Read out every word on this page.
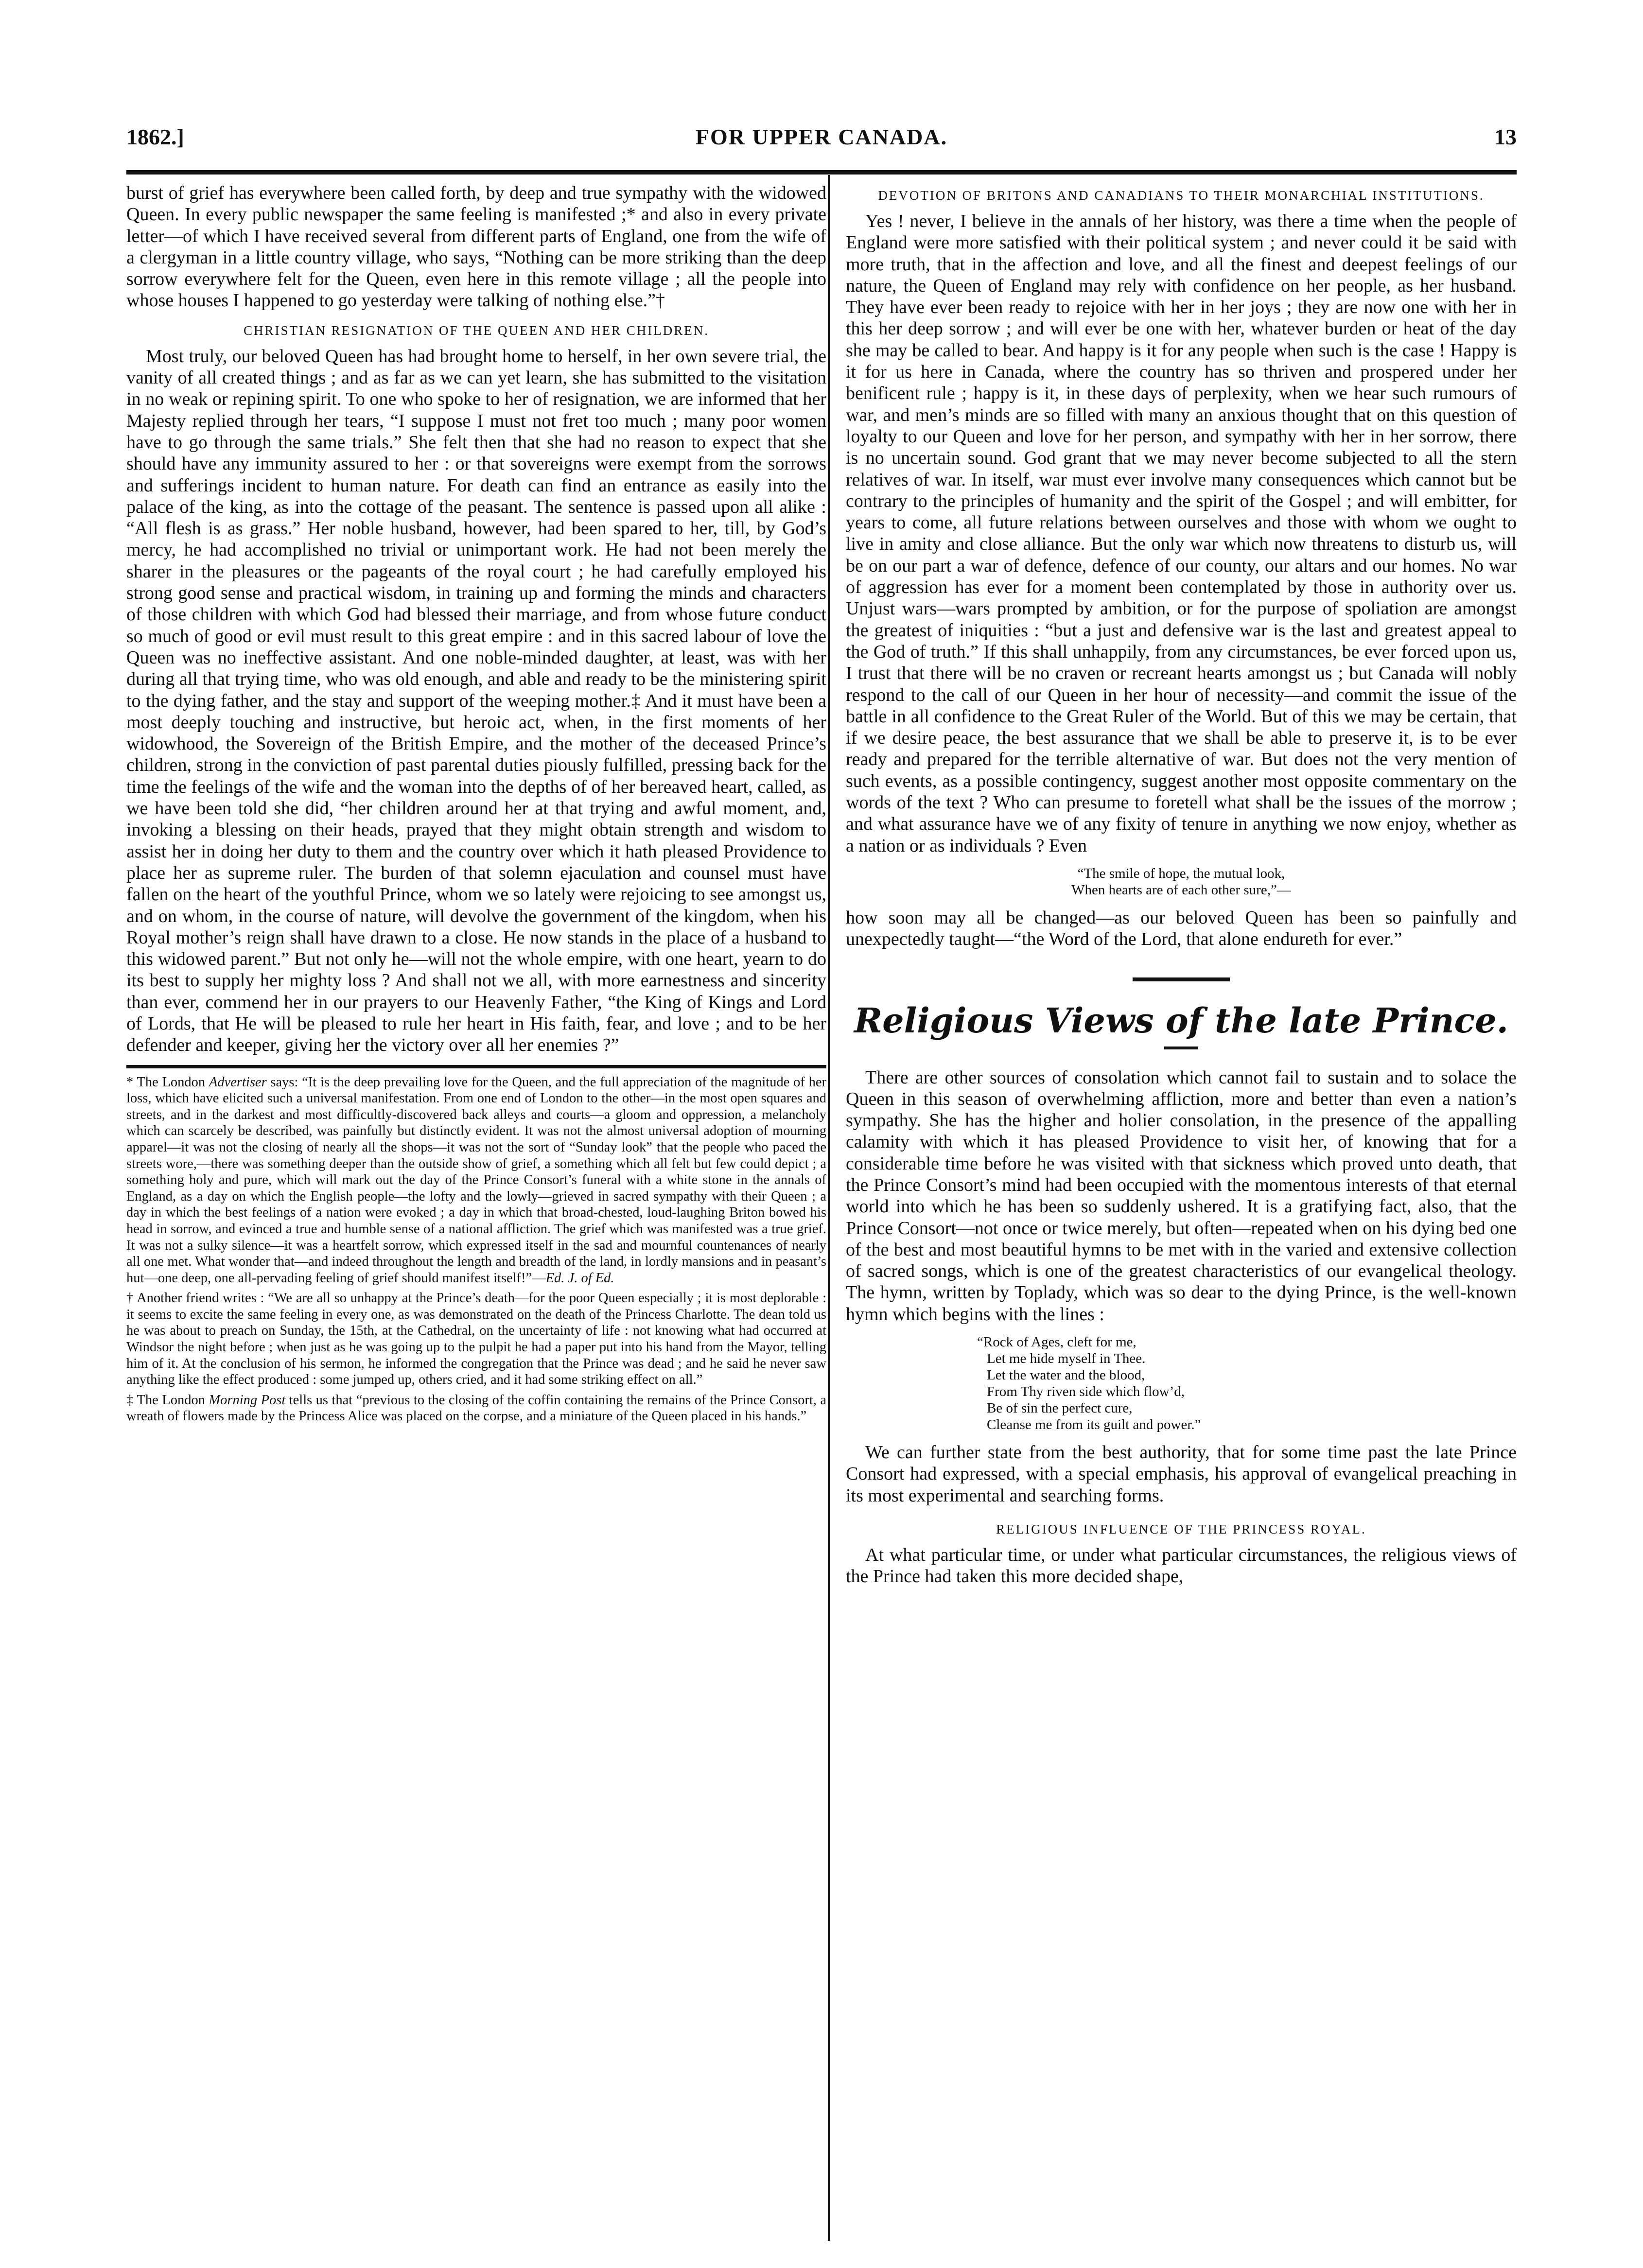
1862.]	FOR UPPER CANADA.	13

burst of grief has everywhere been called forth, by deep and true sympathy with the widowed Queen. In every public newspaper the same feeling is manifested ;* and also in every private letter—of which I have received several from different parts of England, one from the wife of a clergyman in a little country village, who says, “Nothing can be more striking than the deep sorrow everywhere felt for the Queen, even here in this remote village ; all the people into whose houses I happened to go yesterday were talking of nothing else.”†

CHRISTIAN RESIGNATION OF THE QUEEN AND HER CHILDREN.

Most truly, our beloved Queen has had brought home to herself, in her own severe trial, the vanity of all created things ; and as far as we can yet learn, she has submitted to the visitation in no weak or repining spirit. To one who spoke to her of resignation, we are informed that her Majesty replied through her tears, “I suppose I must not fret too much ; many poor women have to go through the same trials.” She felt then that she had no reason to expect that she should have any immunity assured to her : or that sovereigns were exempt from the sorrows and sufferings incident to human nature. For death can find an entrance as easily into the palace of the king, as into the cottage of the peasant. The sentence is passed upon all alike : “All flesh is as grass.” Her noble husband, however, had been spared to her, till, by God’s mercy, he had accomplished no trivial or unimportant work. He had not been merely the sharer in the pleasures or the pageants of the royal court ; he had carefully employed his strong good sense and practical wisdom, in training up and forming the minds and characters of those children with which God had blessed their marriage, and from whose future conduct so much of good or evil must result to this great empire : and in this sacred labour of love the Queen was no ineffective assistant. And one noble-minded daughter, at least, was with her during all that trying time, who was old enough, and able and ready to be the ministering spirit to the dying father, and the stay and support of the weeping mother.‡ And it must have been a most deeply touching and instructive, but heroic act, when, in the first moments of her widowhood, the Sovereign of the British Empire, and the mother of the deceased Prince’s children, strong in the conviction of past parental duties piously fulfilled, pressing back for the time the feelings of the wife and the woman into the depths of of her bereaved heart, called, as we have been told she did, “her children around her at that trying and awful moment, and, invoking a blessing on their heads, prayed that they might obtain strength and wisdom to assist her in doing her duty to them and the country over which it hath pleased Providence to place her as supreme ruler. The burden of that solemn ejaculation and counsel must have fallen on the heart of the youthful Prince, whom we so lately were rejoicing to see amongst us, and on whom, in the course of nature, will devolve the government of the kingdom, when his Royal mother’s reign shall have drawn to a close. He now stands in the place of a husband to this widowed parent.” But not only he—will not the whole empire, with one heart, yearn to do its best to supply her mighty loss ? And shall not we all, with more earnestness and sincerity than ever, commend her in our prayers to our Heavenly Father, “the King of Kings and Lord of Lords, that He will be pleased to rule her heart in His faith, fear, and love ; and to be her defender and keeper, giving her the victory over all her enemies ?”

* The London Advertiser says: “It is the deep prevailing love for the Queen, and the full appreciation of the magnitude of her loss, which have elicited such a universal manifestation. From one end of London to the other—in the most open squares and streets, and in the darkest and most difficultly-discovered back alleys and courts—a gloom and oppression, a melancholy which can scarcely be described, was painfully but distinctly evident. It was not the almost universal adoption of mourning apparel—it was not the closing of nearly all the shops—it was not the sort of “Sunday look” that the people who paced the streets wore,—there was something deeper than the outside show of grief, a something which all felt but few could depict ; a something holy and pure, which will mark out the day of the Prince Consort’s funeral with a white stone in the annals of England, as a day on which the English people—the lofty and the lowly—grieved in sacred sympathy with their Queen ; a day in which the best feelings of a nation were evoked ; a day in which that broad-chested, loud-laughing Briton bowed his head in sorrow, and evinced a true and humble sense of a national affliction. The grief which was manifested was a true grief. It was not a sulky silence—it was a heartfelt sorrow, which expressed itself in the sad and mournful countenances of nearly all one met. What wonder that—and indeed throughout the length and breadth of the land, in lordly mansions and in peasant’s hut—one deep, one all-pervading feeling of grief should manifest itself!”—Ed. J. of Ed.

† Another friend writes : “We are all so unhappy at the Prince’s death—for the poor Queen especially ; it is most deplorable : it seems to excite the same feeling in every one, as was demonstrated on the death of the Princess Charlotte. The dean told us he was about to preach on Sunday, the 15th, at the Cathedral, on the uncertainty of life : not knowing what had occurred at Windsor the night before ; when just as he was going up to the pulpit he had a paper put into his hand from the Mayor, telling him of it. At the conclusion of his sermon, he informed the congregation that the Prince was dead ; and he said he never saw anything like the effect produced : some jumped up, others cried, and it had some striking effect on all.”

‡ The London Morning Post tells us that “previous to the closing of the coffin containing the remains of the Prince Consort, a wreath of flowers made by the Princess Alice was placed on the corpse, and a miniature of the Queen placed in his hands.”

DEVOTION OF BRITONS AND CANADIANS TO THEIR MONARCHIAL INSTITUTIONS.

Yes ! never, I believe in the annals of her history, was there a time when the people of England were more satisfied with their political system ; and never could it be said with more truth, that in the affection and love, and all the finest and deepest feelings of our nature, the Queen of England may rely with confidence on her people, as her husband. They have ever been ready to rejoice with her in her joys ; they are now one with her in this her deep sorrow ; and will ever be one with her, whatever burden or heat of the day she may be called to bear. And happy is it for any people when such is the case ! Happy is it for us here in Canada, where the country has so thriven and prospered under her benificent rule ; happy is it, in these days of perplexity, when we hear such rumours of war, and men’s minds are so filled with many an anxious thought that on this question of loyalty to our Queen and love for her person, and sympathy with her in her sorrow, there is no uncertain sound. God grant that we may never become subjected to all the stern relatives of war. In itself, war must ever involve many consequences which cannot but be contrary to the principles of humanity and the spirit of the Gospel ; and will embitter, for years to come, all future relations between ourselves and those with whom we ought to live in amity and close alliance. But the only war which now threatens to disturb us, will be on our part a war of defence, defence of our county, our altars and our homes. No war of aggression has ever for a moment been contemplated by those in authority over us. Unjust wars—wars prompted by ambition, or for the purpose of spoliation are amongst the greatest of iniquities : “but a just and defensive war is the last and greatest appeal to the God of truth.” If this shall unhappily, from any circumstances, be ever forced upon us, I trust that there will be no craven or recreant hearts amongst us ; but Canada will nobly respond to the call of our Queen in her hour of necessity—and commit the issue of the battle in all confidence to the Great Ruler of the World. But of this we may be certain, that if we desire peace, the best assurance that we shall be able to preserve it, is to be ever ready and prepared for the terrible alternative of war. But does not the very mention of such events, as a possible contingency, suggest another most opposite commentary on the words of the text ? Who can presume to foretell what shall be the issues of the morrow ; and what assurance have we of any fixity of tenure in anything we now enjoy, whether as a nation or as individuals ? Even

“The smile of hope, the mutual look,
When hearts are of each other sure,”—

how soon may all be changed—as our beloved Queen has been so painfully and unexpectedly taught—“the Word of the Lord, that alone endureth for ever.”

Religious Views of the late Prince.

There are other sources of consolation which cannot fail to sustain and to solace the Queen in this season of overwhelming affliction, more and better than even a nation’s sympathy. She has the higher and holier consolation, in the presence of the appalling calamity with which it has pleased Providence to visit her, of knowing that for a considerable time before he was visited with that sickness which proved unto death, that the Prince Consort’s mind had been occupied with the momentous interests of that eternal world into which he has been so suddenly ushered. It is a gratifying fact, also, that the Prince Consort—not once or twice merely, but often—repeated when on his dying bed one of the best and most beautiful hymns to be met with in the varied and extensive collection of sacred songs, which is one of the greatest characteristics of our evangelical theology. The hymn, written by Toplady, which was so dear to the dying Prince, is the well-known hymn which begins with the lines :

“Rock of Ages, cleft for me,
Let me hide myself in Thee.
Let the water and the blood,
From Thy riven side which flow’d,
Be of sin the perfect cure,
Cleanse me from its guilt and power.”

We can further state from the best authority, that for some time past the late Prince Consort had expressed, with a special emphasis, his approval of evangelical preaching in its most experimental and searching forms.

RELIGIOUS INFLUENCE OF THE PRINCESS ROYAL.

At what particular time, or under what particular circumstances, the religious views of the Prince had taken this more decided shape,
